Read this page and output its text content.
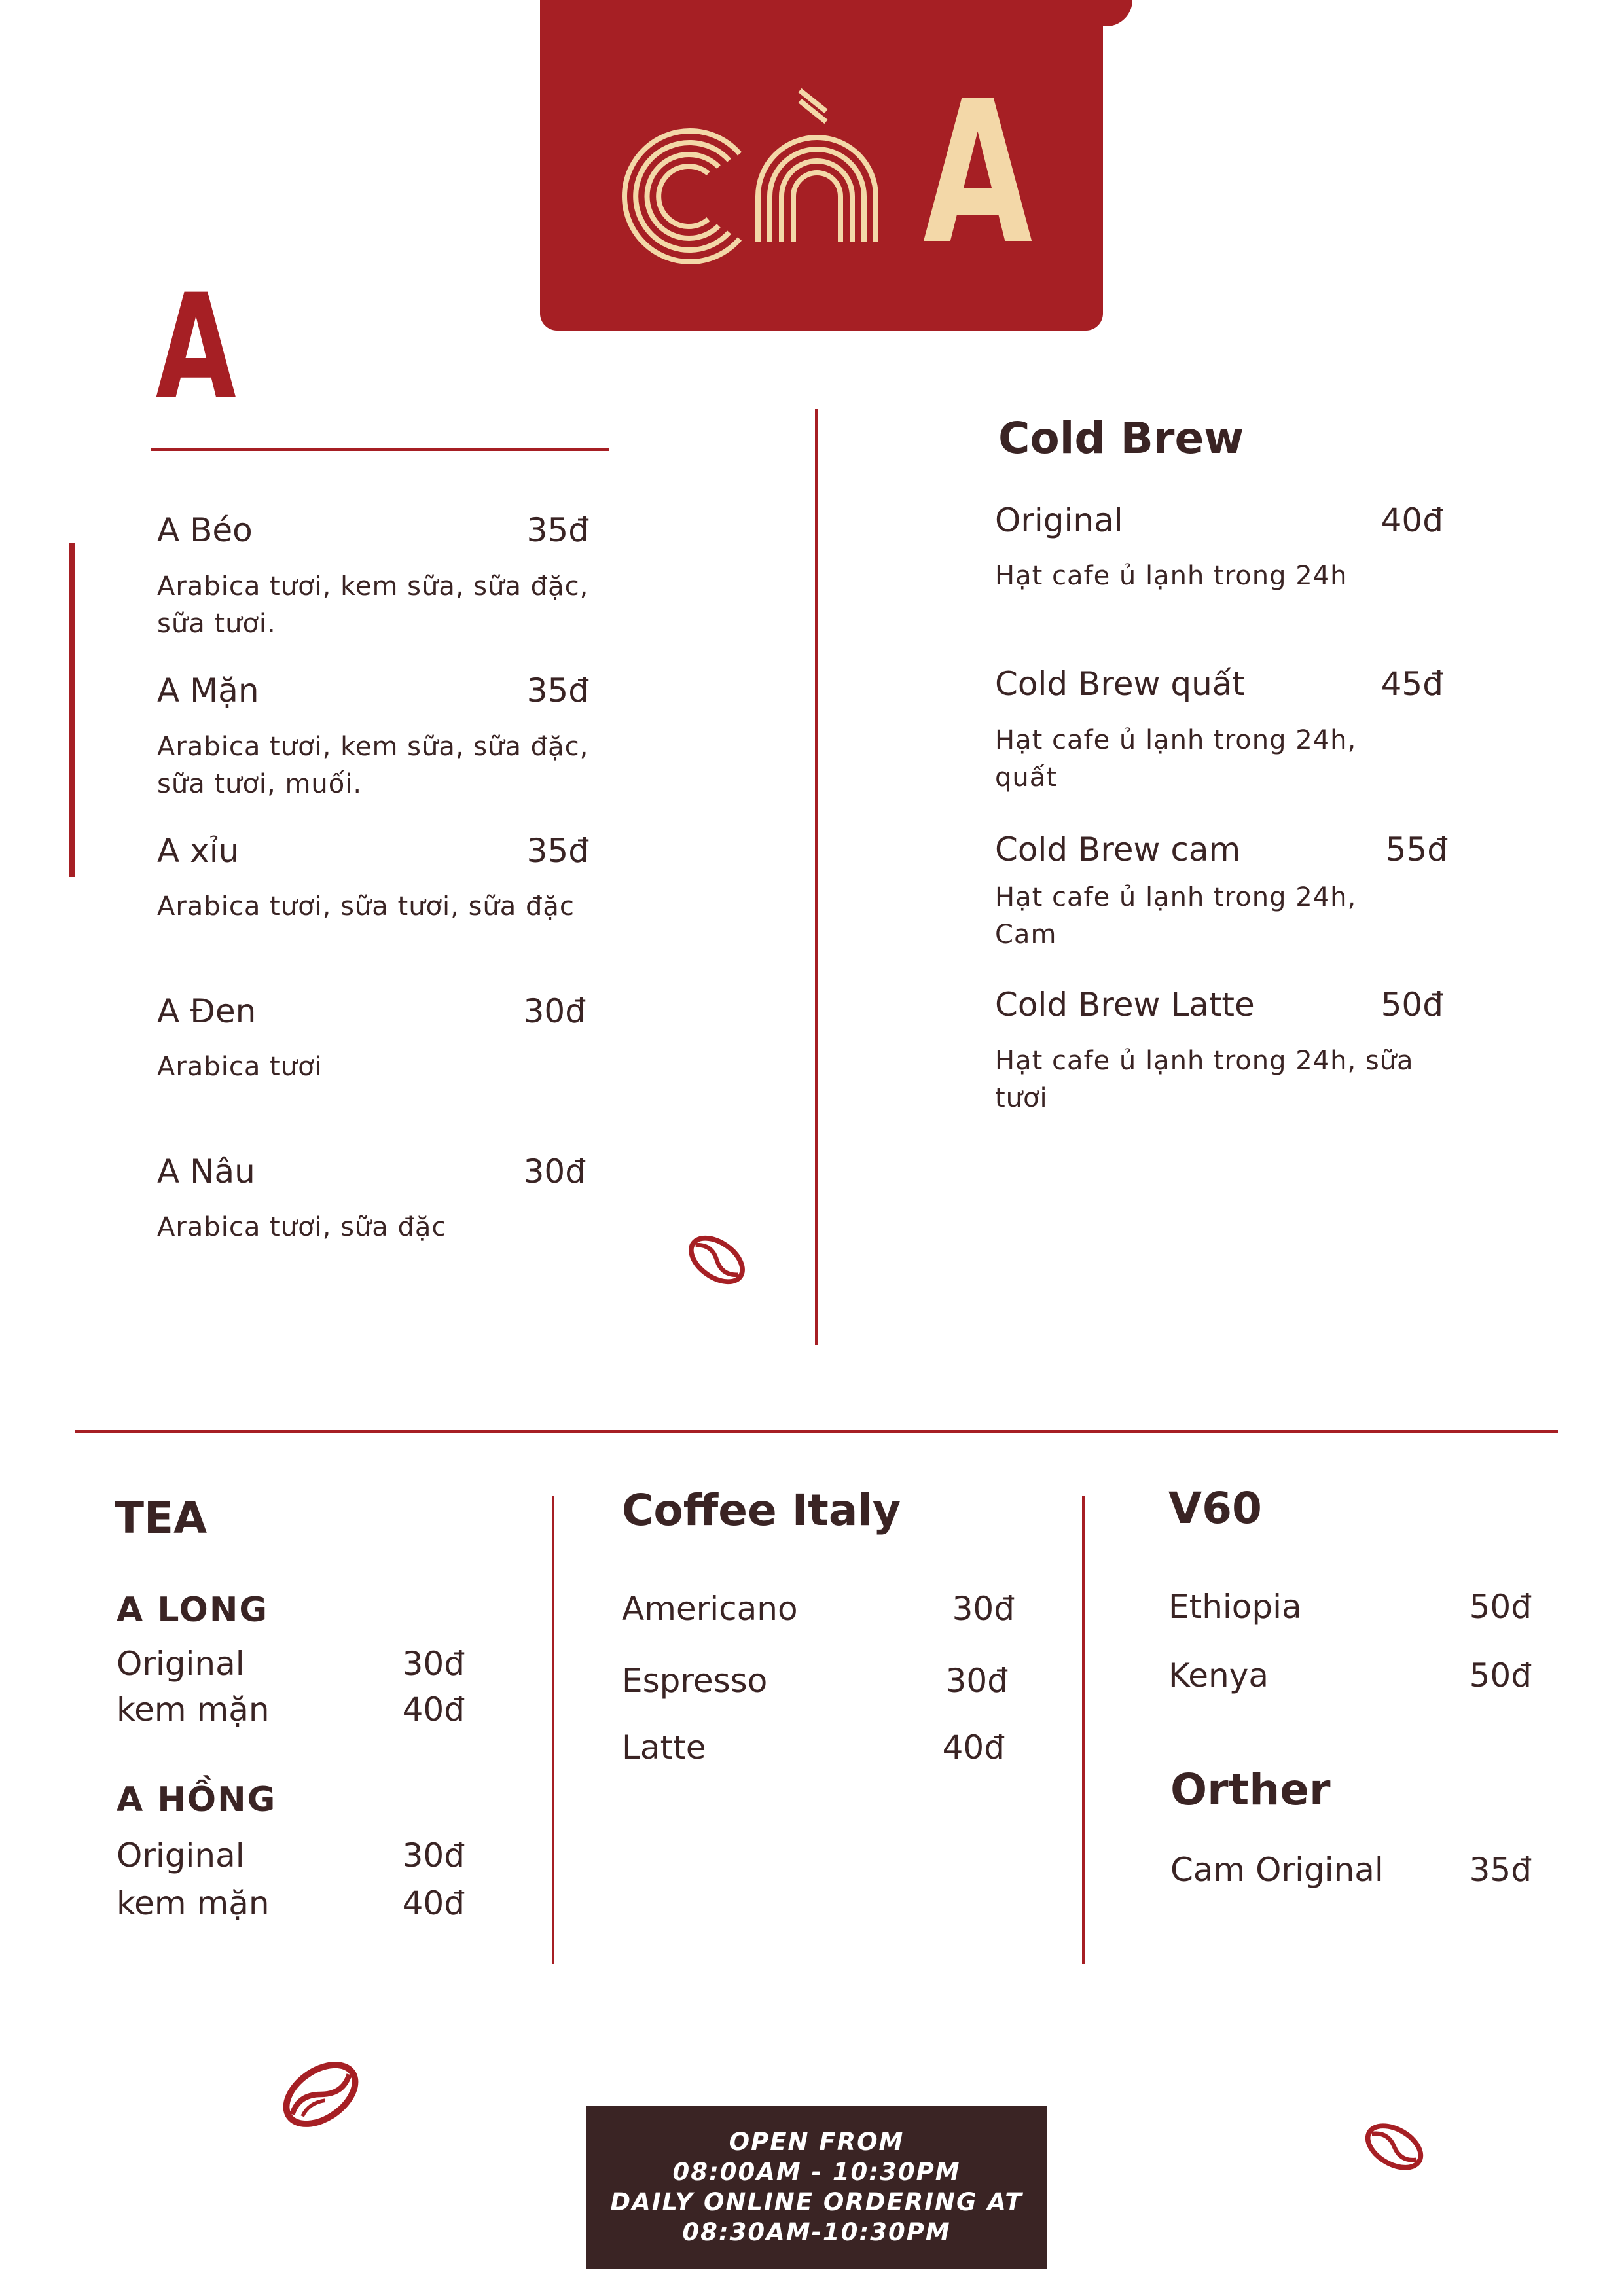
A
A
A Béo	35đ
Arabica tươi, kem sữa, sữa đặc, sữa tươi.
A Mặn	35đ
Arabica tươi, kem sữa, sữa đặc, sữa tươi, muối.
A xỉu	35đ
Arabica tươi, sữa tươi, sữa đặc
A Đen	30đ
Arabica tươi
A Nâu	30đ
Arabica tươi, sữa đặc
Cold Brew
Original	40đ
Hạt cafe ủ lạnh trong 24h
Cold Brew quất	45đ
Hạt cafe ủ lạnh trong 24h, quất
Cold Brew cam	55đ
Hạt cafe ủ lạnh trong 24h, Cam
Cold Brew Latte	50đ
Hạt cafe ủ lạnh trong 24h, sữa tươi
TEA
A LONG
Original	30đ
kem mặn	40đ
A HỒNG
Original	30đ
kem mặn	40đ
Coffee Italy
Americano	30đ
Espresso	30đ
Latte	40đ
V60
Ethiopia	50đ
Kenya	50đ
Orther
Cam Original	35đ
OPEN FROM
08:00AM - 10:30PM
DAILY ONLINE ORDERING AT
08:30AM-10:30PM
